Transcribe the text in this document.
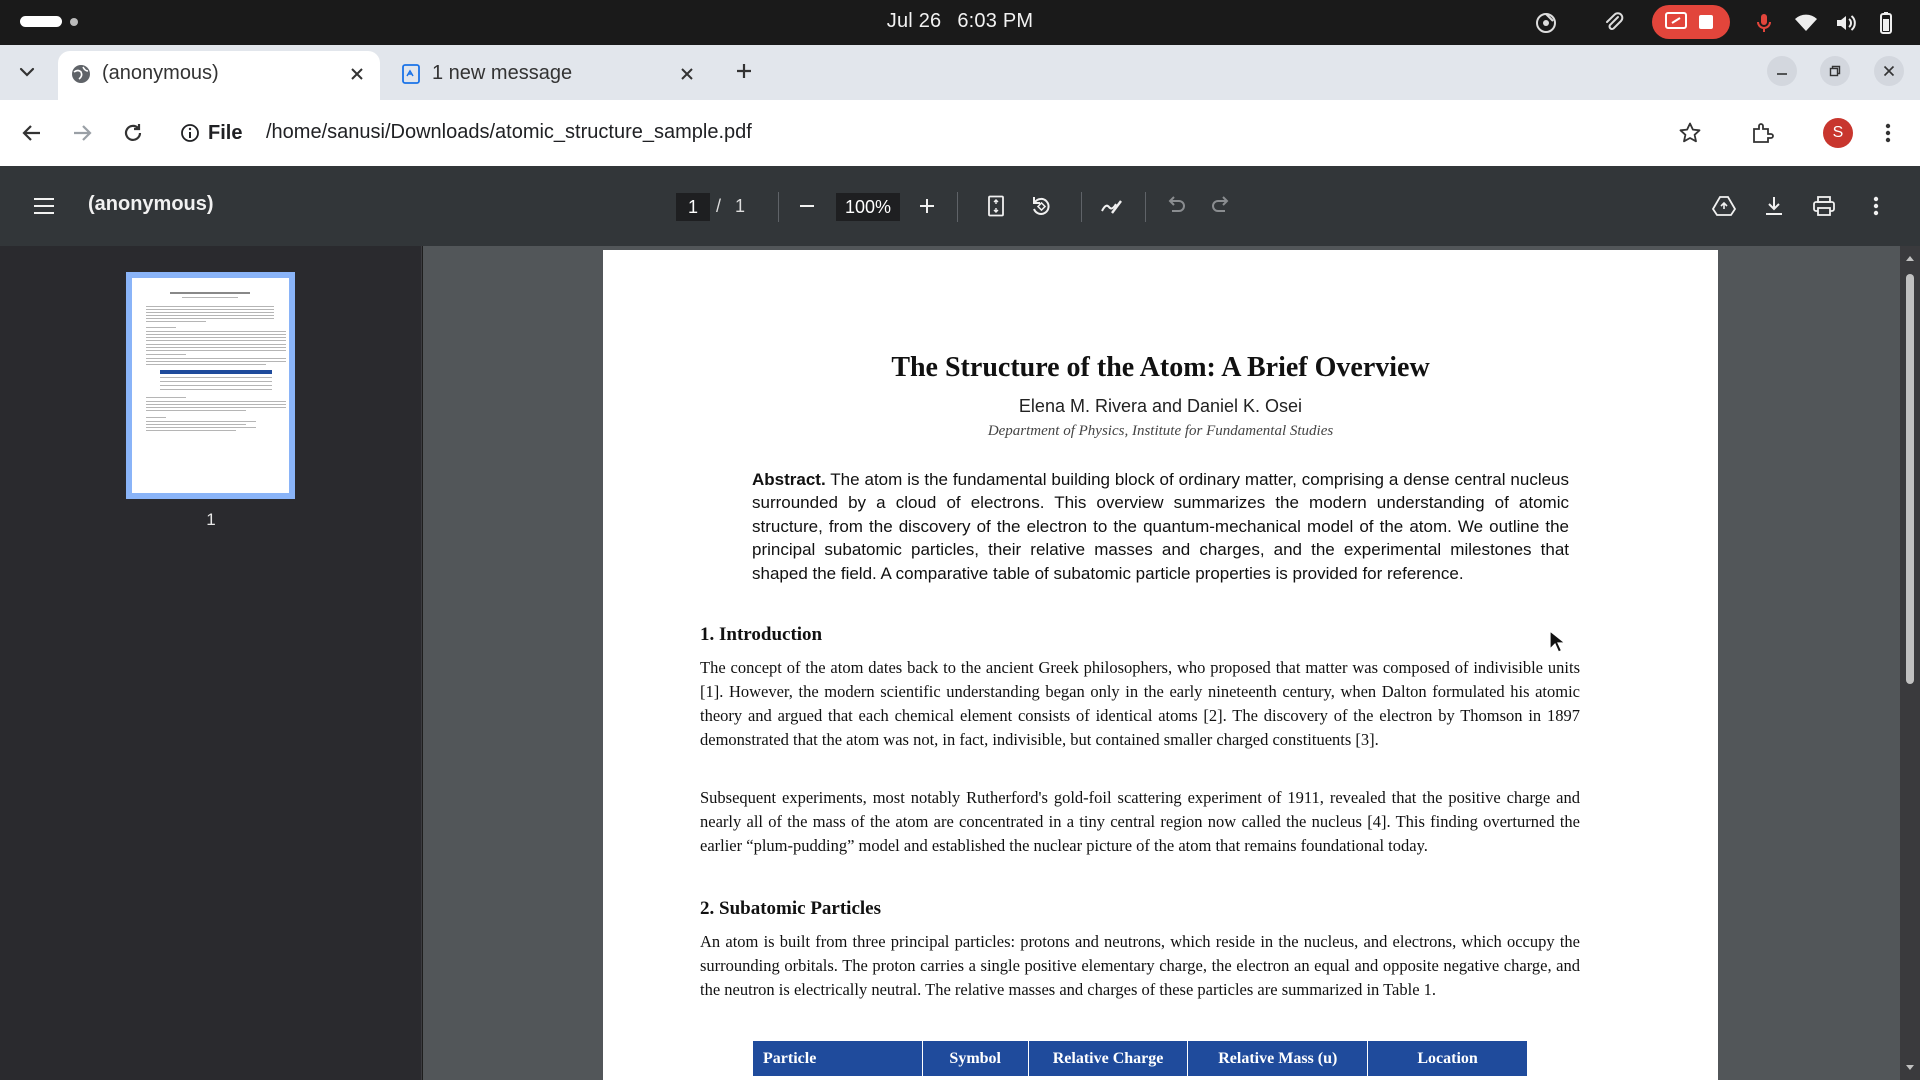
Jul 26 6:03 PM
(anonymous)	1 new message
File /home/sanusi/Downloads/atomic_structure_sample.pdf	S
(anonymous)	1	/ 1	100%
1
The Structure of the Atom: A Brief Overview
Elena M. Rivera and Daniel K. Osei
Department of Physics, Institute for Fundamental Studies
Abstract. The atom is the fundamental building block of ordinary matter, comprising a dense central nucleus surrounded by a cloud of electrons. This overview summarizes the modern understanding of atomic structure, from the discovery of the electron to the quantum-mechanical model of the atom. We outline the principal subatomic particles, their relative masses and charges, and the experimental milestones that shaped the field. A comparative table of subatomic particle properties is provided for reference.
1. Introduction
The concept of the atom dates back to the ancient Greek philosophers, who proposed that matter was composed of indivisible units [1]. However, the modern scientific understanding began only in the early nineteenth century, when Dalton formulated his atomic theory and argued that each chemical element consists of identical atoms [2]. The discovery of the electron by Thomson in 1897 demonstrated that the atom was not, in fact, indivisible, but contained smaller charged constituents [3].
Subsequent experiments, most notably Rutherford's gold-foil scattering experiment of 1911, revealed that the positive charge and nearly all of the mass of the atom are concentrated in a tiny central region now called the nucleus [4]. This finding overturned the earlier “plum-pudding” model and established the nuclear picture of the atom that remains foundational today.
2. Subatomic Particles
An atom is built from three principal particles: protons and neutrons, which reside in the nucleus, and electrons, which occupy the surrounding orbitals. The proton carries a single positive elementary charge, the electron an equal and opposite negative charge, and the neutron is electrically neutral. The relative masses and charges of these particles are summarized in Table 1.
Particle	Symbol	Relative Charge	Relative Mass (u)	Location
